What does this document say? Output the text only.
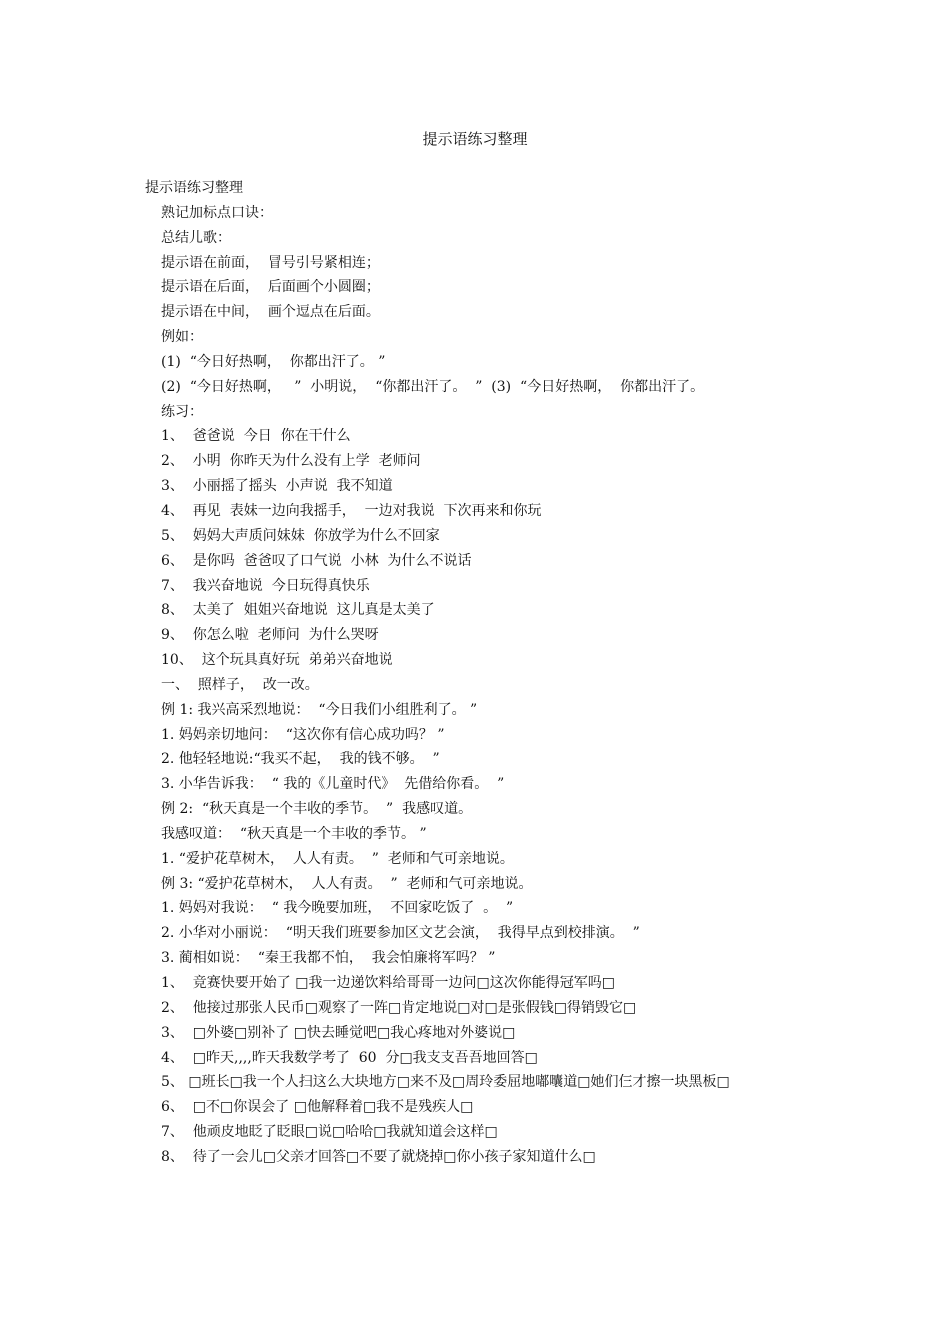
提示语练习整理
提示语练习整理
熟记加标点口诀：
总结儿歌：
提示语在前面，  冒号引号紧相连；
提示语在后面，  后面画个小圆圈；
提示语在中间，  画个逗点在后面。
例如：
(1)  “今日好热啊，  你都出汗了。 ”
(2)  “今日好热啊，   ”  小明说，  “你都出汗了。  ”  (3)  “今日好热啊，  你都出汗了。
练习：
1、  爸爸说  今日  你在干什么
2、  小明  你昨天为什么没有上学  老师问
3、  小丽摇了摇头  小声说  我不知道
4、  再见  表妹一边向我摇手，  一边对我说  下次再来和你玩
5、  妈妈大声质问妹妹  你放学为什么不回家
6、  是你吗  爸爸叹了口气说  小林  为什么不说话
7、  我兴奋地说  今日玩得真快乐
8、  太美了  姐姐兴奋地说  这儿真是太美了
9、  你怎么啦  老师问  为什么哭呀
10、  这个玩具真好玩  弟弟兴奋地说
一、  照样子，  改一改。
例 1: 我兴高采烈地说：  “今日我们小组胜利了。 ”
1. 妈妈亲切地问：  “这次你有信心成功吗？ ”
2. 他轻轻地说:“我买不起，  我的钱不够。  ”
3. 小华告诉我：  “ 我的《儿童时代》  先借给你看。  ”
例 2:  “秋天真是一个丰收的季节。  ”  我感叹道。
我感叹道：  “秋天真是一个丰收的季节。 ”
1. “爱护花草树木，  人人有责。  ”  老师和气可亲地说。
例 3: “爱护花草树木，  人人有责。  ”  老师和气可亲地说。
1. 妈妈对我说：  “ 我今晚要加班，  不回家吃饭了  。  ”
2. 小华对小丽说：  “明天我们班要参加区文艺会演，  我得早点到校排演。  ”
3. 蔺相如说：  “秦王我都不怕，  我会怕廉将军吗？ ”
1、  竞赛快要开始了 □我一边递饮料给哥哥一边问□这次你能得冠军吗□
2、  他接过那张人民币□观察了一阵□肯定地说□对□是张假钱□得销毁它□
3、  □外婆□别补了 □快去睡觉吧□我心疼地对外婆说□
4、  □昨天,,,,昨天我数学考了  60  分□我支支吾吾地回答□
5、 □班长□我一个人扫这么大块地方□来不及□周玲委屈地嘟囔道□她们仨才擦一块黑板□
6、  □不□你误会了 □他解释着□我不是残疾人□
7、  他顽皮地眨了眨眼□说□哈哈□我就知道会这样□
8、  待了一会儿□父亲才回答□不要了就烧掉□你小孩子家知道什么□
